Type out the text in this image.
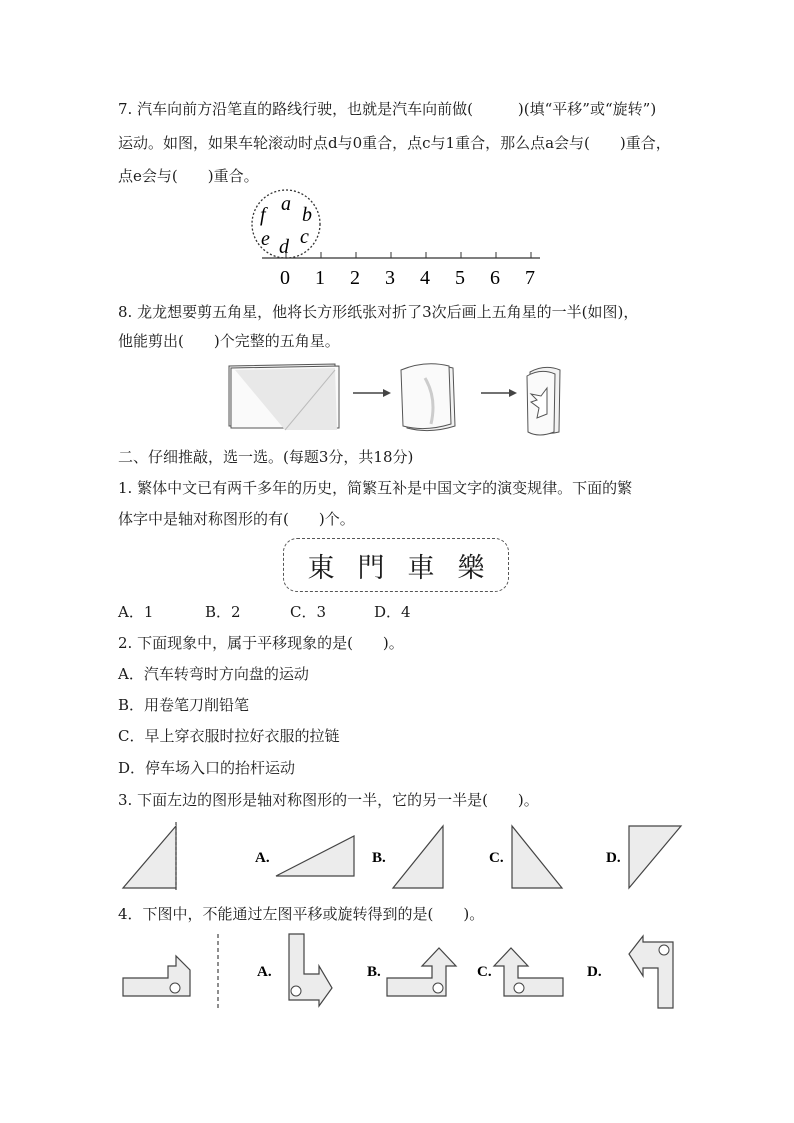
7. 汽车向前方沿笔直的路线行驶，也就是汽车向前做(　　　)(填“平移”或“旋转”)
运动。如图，如果车轮滚动时点d与0重合，点c与1重合，那么点a会与(　　)重合，
点e会与(　　)重合。
a b
c
d
e
f
0 1 2 3 4 5 6 7
8. 龙龙想要剪五角星，他将长方形纸张对折了3次后画上五角星的一半(如图)，
他能剪出(　　)个完整的五角星。
二、仔细推敲，选一选。(每题3分，共18分)
1. 繁体中文已有两千多年的历史，简繁互补是中国文字的演变规律。下面的繁
体字中是轴对称图形的有(　　)个。
東 門 車 樂
A．1	B．2	C．3	D．4
2. 下面现象中，属于平移现象的是(　　)。
A．汽车转弯时方向盘的运动
B．用卷笔刀削铅笔
C．早上穿衣服时拉好衣服的拉链
D．停车场入口的抬杆运动
3. 下面左边的图形是轴对称图形的一半，它的另一半是(　　)。
A.	B.	C.	D.
4．下图中，不能通过左图平移或旋转得到的是(　　)。
A.	B.	C.	D.
